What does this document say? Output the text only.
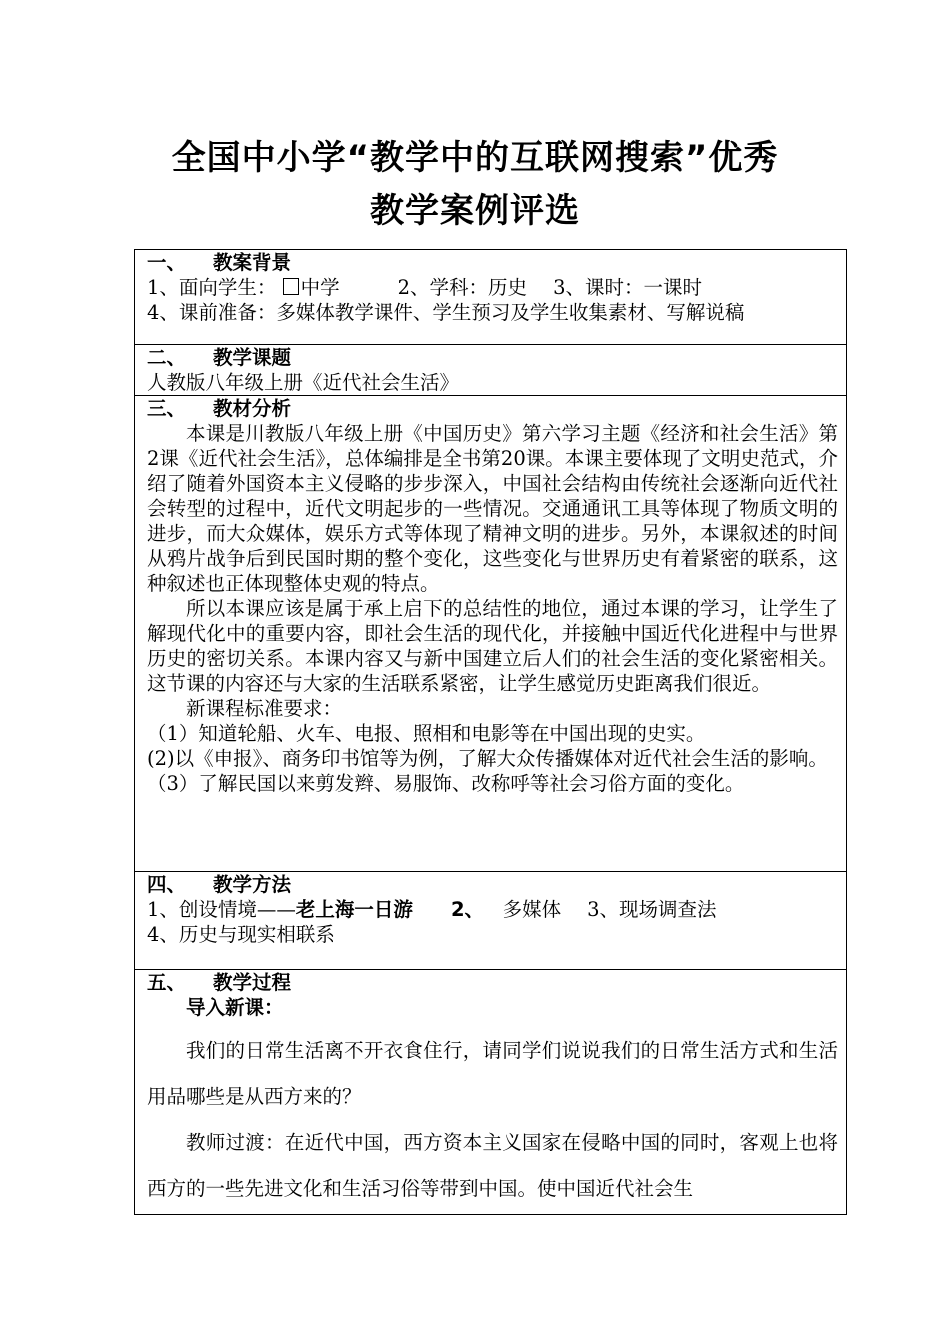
全国中小学“教学中的互联网搜索”优秀
教学案例评选
一、 教案背景
1、面向学生： 中学	2、学科：历史 3、课时：一课时
4、课前准备：多媒体教学课件、学生预习及学生收集素材、写解说稿

二、 教学课题
人教版八年级上册《近代社会生活》

三、 教材分析
本课是川教版八年级上册《中国历史》第六学习主题《经济和社会生活》第2课《近代社会生活》，总体编排是全书第20课。本课主要体现了文明史范式，介绍了随着外国资本主义侵略的步步深入，中国社会结构由传统社会逐渐向近代社会转型的过程中，近代文明起步的一些情况。交通通讯工具等体现了物质文明的进步，而大众媒体，娱乐方式等体现了精神文明的进步。另外，本课叙述的时间从鸦片战争后到民国时期的整个变化，这些变化与世界历史有着紧密的联系，这种叙述也正体现整体史观的特点。
所以本课应该是属于承上启下的总结性的地位，通过本课的学习，让学生了解现代化中的重要内容，即社会生活的现代化，并接触中国近代化进程中与世界历史的密切关系。本课内容又与新中国建立后人们的社会生活的变化紧密相关。这节课的内容还与大家的生活联系紧密，让学生感觉历史距离我们很近。
新课程标准要求：
（1）知道轮船、火车、电报、照相和电影等在中国出现的史实。
(2)以《申报》、商务印书馆等为例，了解大众传播媒体对近代社会生活的影响。
（3）了解民国以来剪发辫、易服饰、改称呼等社会习俗方面的变化。

四、 教学方法
1、创设情境——老上海一日游 2、 多媒体 3、现场调查法
4、历史与现实相联系

五、 教学过程
导入新课：
我们的日常生活离不开衣食住行，请同学们说说我们的日常生活方式和生活用品哪些是从西方来的？
教师过渡：在近代中国，西方资本主义国家在侵略中国的同时，客观上也将西方的一些先进文化和生活习俗等带到中国。使中国近代社会生
